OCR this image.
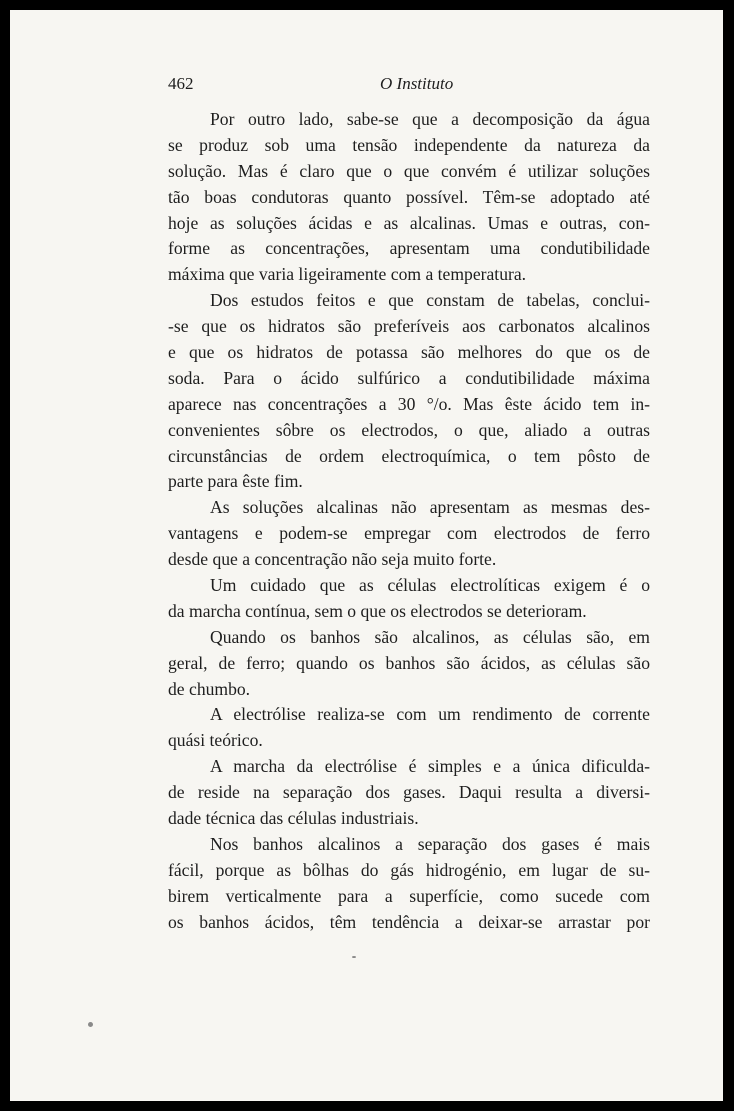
462	O Instituto

Por outro lado, sabe-se que a decomposição da água
se produz sob uma tensão independente da natureza da
solução. Mas é claro que o que convém é utilizar soluções
tão boas condutoras quanto possível. Têm-se adoptado até
hoje as soluções ácidas e as alcalinas. Umas e outras, con-
forme as concentrações, apresentam uma condutibilidade
máxima que varia ligeiramente com a temperatura.

Dos estudos feitos e que constam de tabelas, conclui-
-se que os hidratos são preferíveis aos carbonatos alcalinos
e que os hidratos de potassa são melhores do que os de
soda. Para o ácido sulfúrico a condutibilidade máxima
aparece nas concentrações a 30 °/o. Mas êste ácido tem in-
convenientes sôbre os electrodos, o que, aliado a outras
circunstâncias de ordem electroquímica, o tem pôsto de
parte para êste fim.

As soluções alcalinas não apresentam as mesmas des-
vantagens e podem-se empregar com electrodos de ferro
desde que a concentração não seja muito forte.

Um cuidado que as células electrolíticas exigem é o
da marcha contínua, sem o que os electrodos se deterioram.

Quando os banhos são alcalinos, as células são, em
geral, de ferro; quando os banhos são ácidos, as células são
de chumbo.

A electrólise realiza-se com um rendimento de corrente
quási teórico.

A marcha da electrólise é simples e a única dificulda-
de reside na separação dos gases. Daqui resulta a diversi-
dade técnica das células industriais.

Nos banhos alcalinos a separação dos gases é mais
fácil, porque as bôlhas do gás hidrogénio, em lugar de su-
birem verticalmente para a superfície, como sucede com
os banhos ácidos, têm tendência a deixar-se arrastar por
